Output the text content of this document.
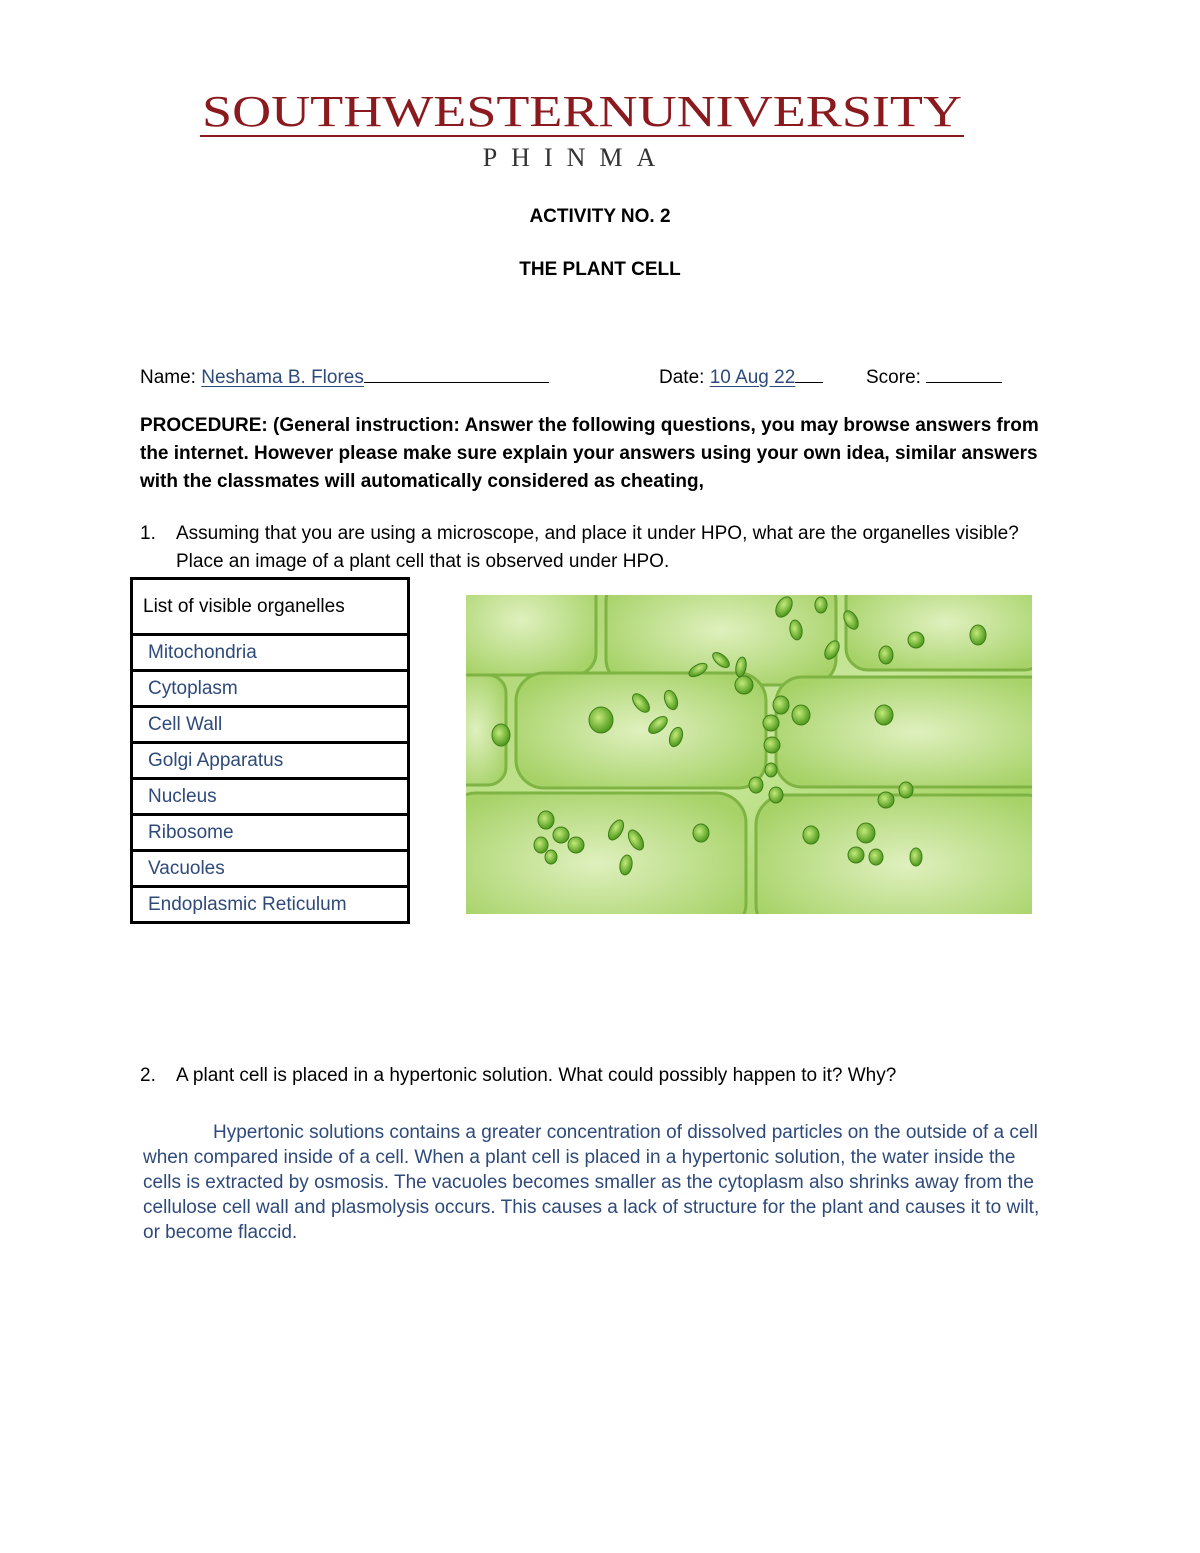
SOUTHWESTERNUNIVERSITY
PHINMA
ACTIVITY NO. 2
THE PLANT CELL
Name: Neshama B. Flores	Date: 10 Aug 22	Score:
PROCEDURE: (General instruction: Answer the following questions, you may browse answers from the internet. However please make sure explain your answers using your own idea, similar answers with the classmates will automatically considered as cheating,
1. Assuming that you are using a microscope, and place it under HPO, what are the organelles visible? Place an image of a plant cell that is observed under HPO.
List of visible organelles
Mitochondria
Cytoplasm
Cell Wall
Golgi Apparatus
Nucleus
Ribosome
Vacuoles
Endoplasmic Reticulum
2. A plant cell is placed in a hypertonic solution. What could possibly happen to it? Why?
Hypertonic solutions contains a greater concentration of dissolved particles on the outside of a cell when compared inside of a cell. When a plant cell is placed in a hypertonic solution, the water inside the cells is extracted by osmosis. The vacuoles becomes smaller as the cytoplasm also shrinks away from the cellulose cell wall and plasmolysis occurs. This causes a lack of structure for the plant and causes it to wilt, or become flaccid.
